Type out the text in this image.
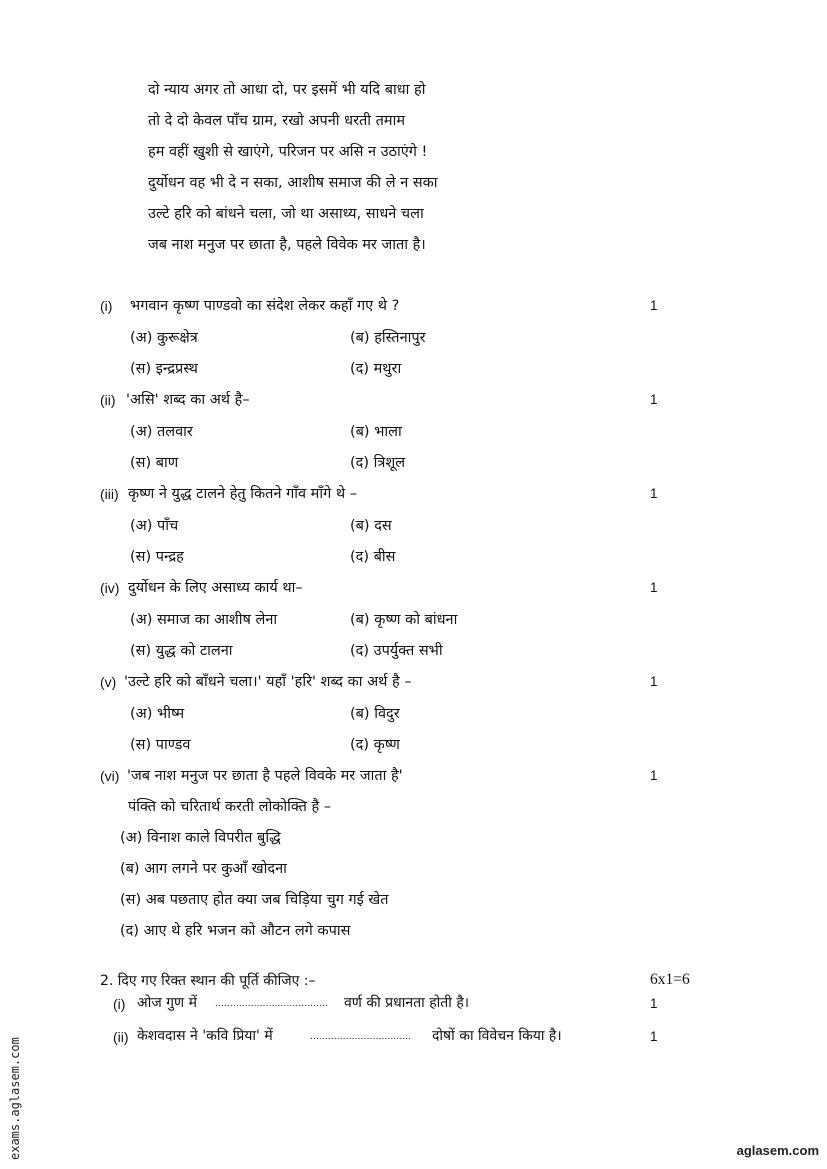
दो न्याय अगर तो आधा दो, पर इसमें भी यदि बाधा हो
तो दे दो केवल पाँच ग्राम, रखो अपनी धरती तमाम
हम वहीं खुशी से खाएंगे, परिजन पर असि न उठाएंगे !
दुर्योधन वह भी दे न सका, आशीष समाज की ले न सका
उल्टे हरि को बांधने चला, जो था असाध्य, साधने चला
जब नाश मनुज पर छाता है, पहले विवेक मर जाता है।
(i) भगवान कृष्ण पाण्डवो का संदेश लेकर कहाँ गए थे ?	1
(अ) कुरूक्षेत्र	(ब) हस्तिनापुर
(स) इन्द्रप्रस्थ	(द) मथुरा
(ii) 'असि' शब्द का अर्थ है–	1
(अ) तलवार	(ब) भाला
(स) बाण	(द) त्रिशूल
(iii) कृष्ण ने युद्ध टालने हेतु कितने गाँव माँगे थे –	1
(अ) पाँच	(ब) दस
(स) पन्द्रह	(द) बीस
(iv) दुर्योधन के लिए असाध्य कार्य था–	1
(अ) समाज का आशीष लेना	(ब) कृष्ण को बांधना
(स) युद्ध को टालना	(द) उपर्युक्त सभी
(v) 'उल्टे हरि को बाँधने चला।' यहाँ 'हरि' शब्द का अर्थ है –	1
(अ) भीष्म	(ब) विदुर
(स) पाण्डव	(द) कृष्ण
(vi) 'जब नाश मनुज पर छाता है पहले विवके मर जाता है'	1
पंक्ति को चरितार्थ करती लोकोक्ति है –
(अ) विनाश काले विपरीत बुद्धि
(ब) आग लगने पर कुआँ खोदना
(स) अब पछताए होत क्या जब चिड़िया चुग गई खेत
(द) आए थे हरि भजन को औटन लगे कपास
2. दिए गए रिक्त स्थान की पूर्ति कीजिए :–	6x1=6
(i) ओज गुण में ...................................... वर्ण की प्रधानता होती है।	1
(ii) केशवदास ने 'कवि प्रिया' में	.................................. दोषों का विवेचन किया है।	1
exams.aglasem.com	aglasem.com
